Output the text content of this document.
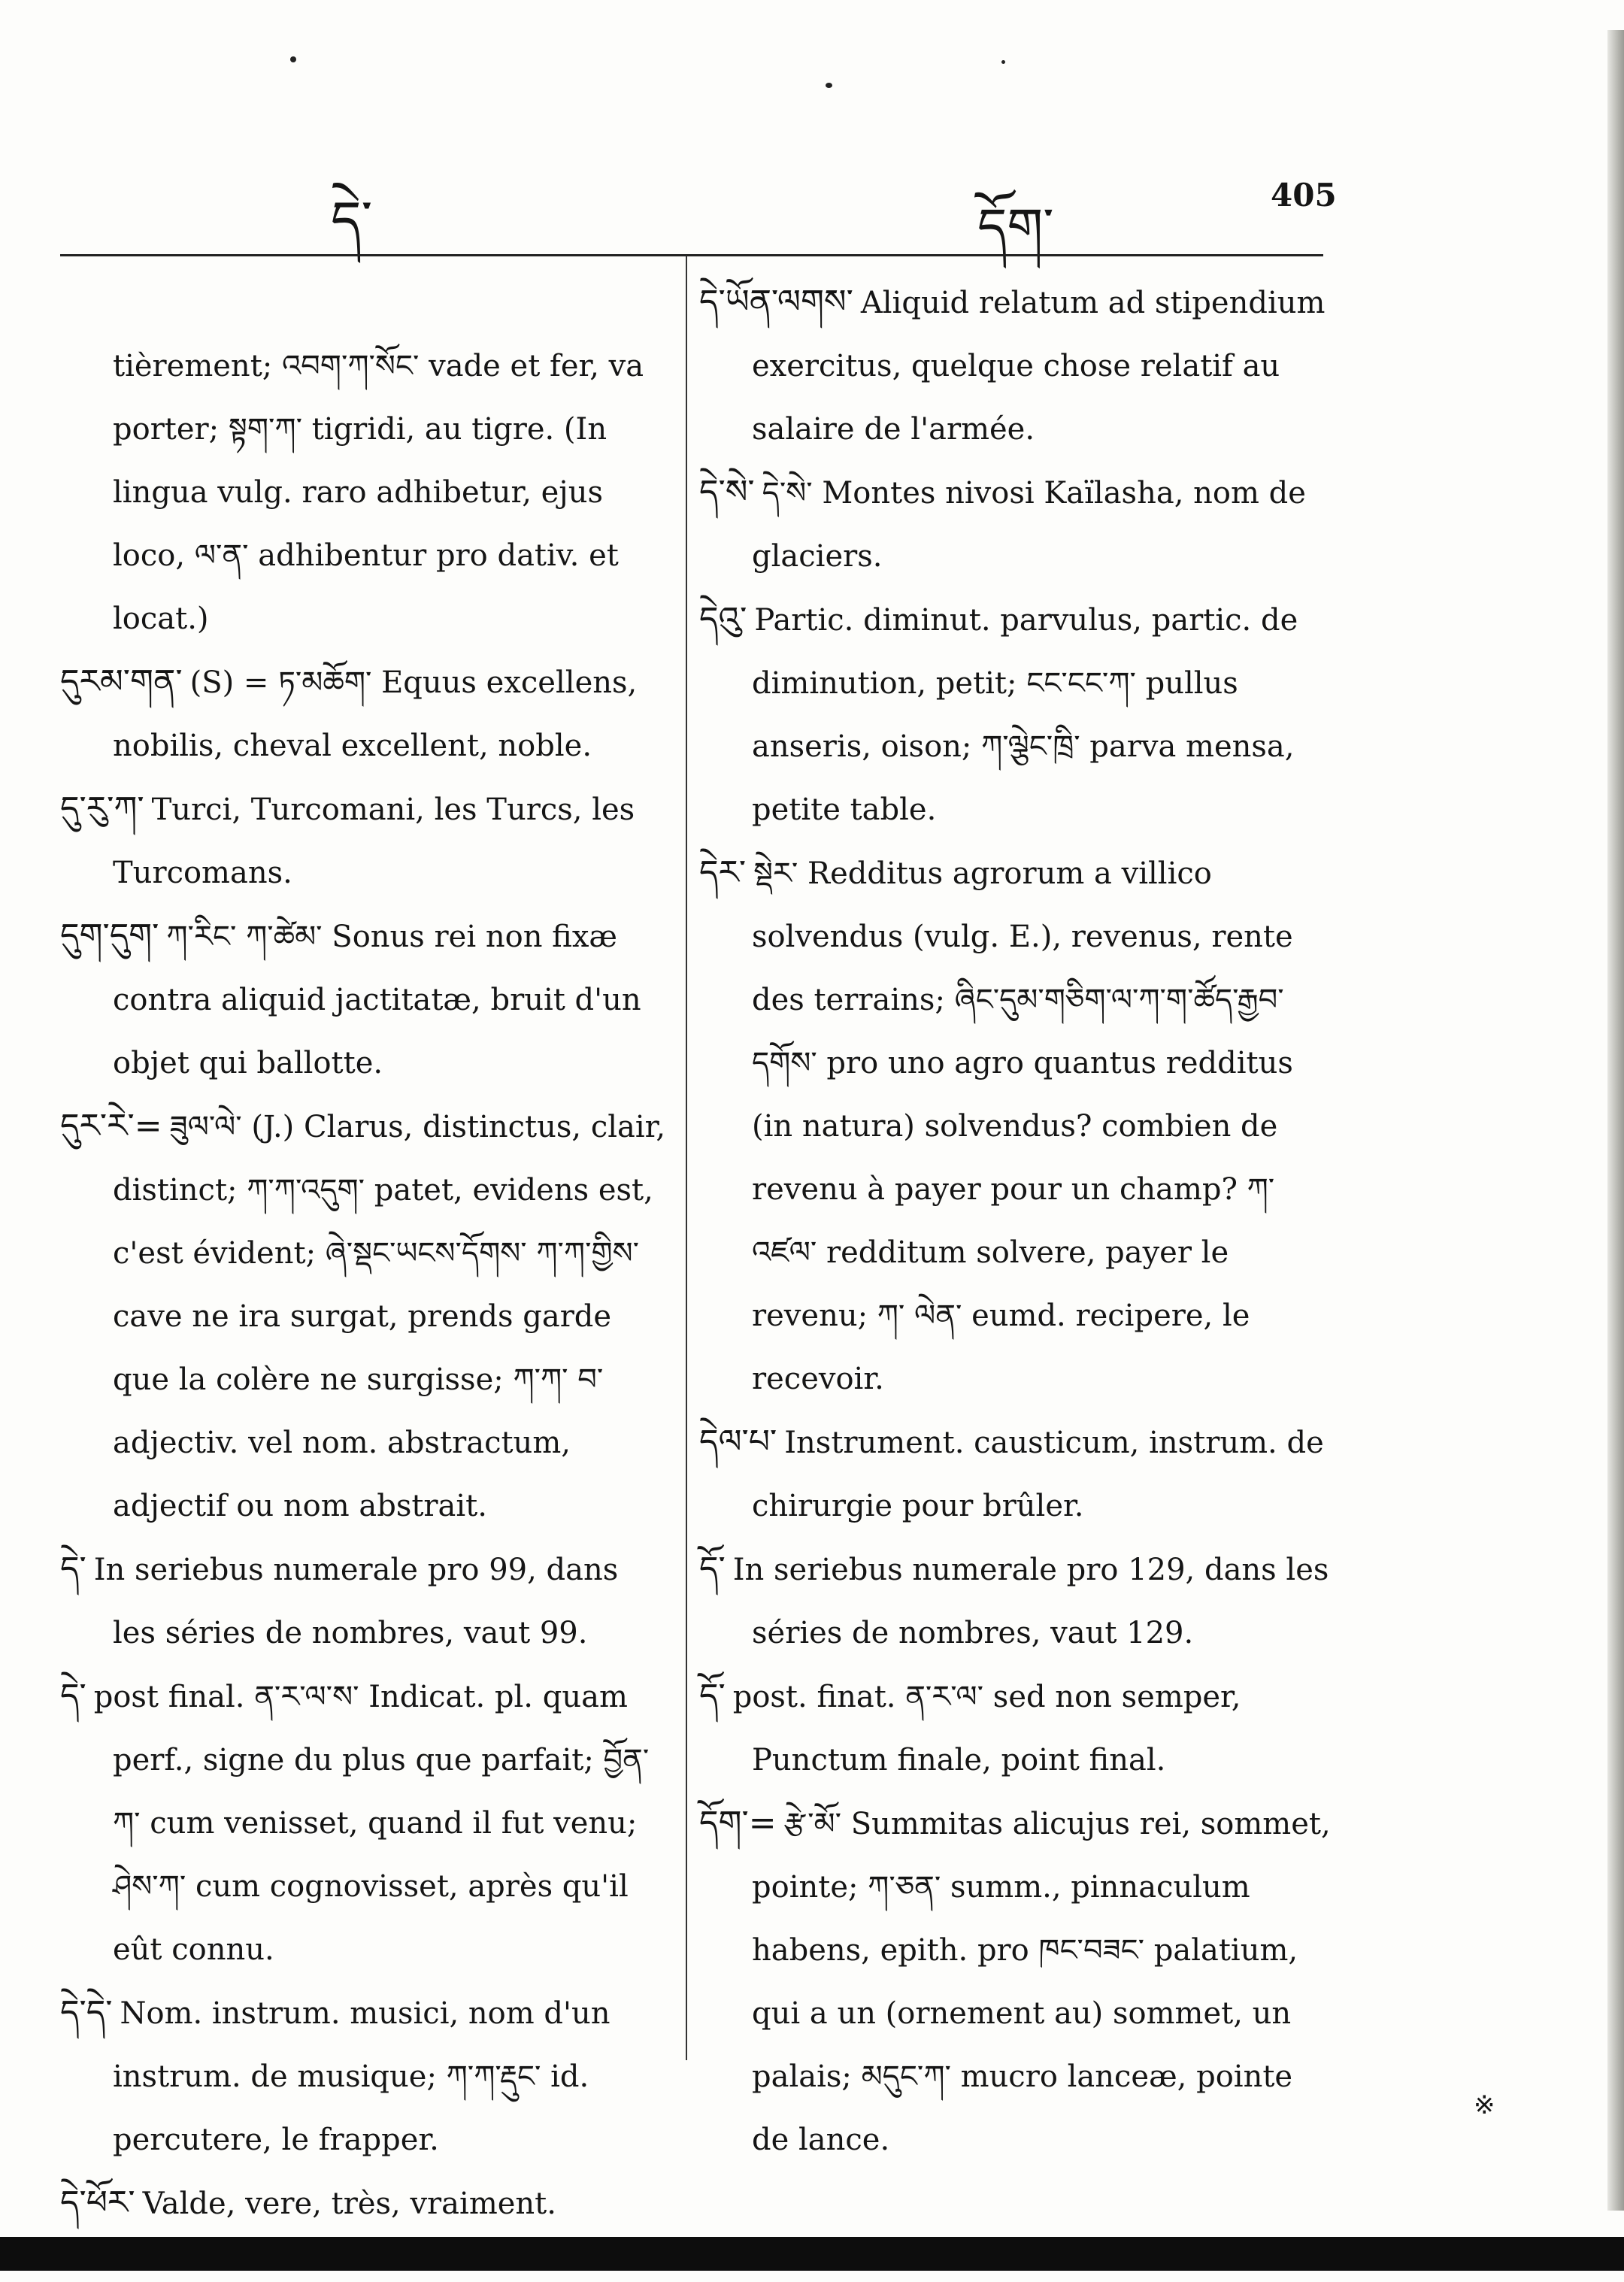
དེ་	དོག་
405
tièrement; འབག་ཀ་སོང་ vade et fer, va porter; སྟག་ཀ་ tigridi, au tigre. (In lingua vulg. raro adhibetur, ejus loco, ལ་ན་ adhibentur pro dativ. et locat.)
དུརམ་གན་ (S) = ཏ་མཆོག་ Equus excellens, nobilis, cheval excellent, noble.
དུ་རུ་ཀ་ Turci, Turcomani, les Turcs, les Turcomans.
དུག་དུག་ ཀ་རིང་ ཀ་ཚེམ་ Sonus rei non fixæ contra aliquid jactitatæ, bruit d'un objet qui ballotte.
དུར་རེ་= ཟུལ་ལེ་ (J.) Clarus, distinctus, clair, distinct; ཀ་ཀ་འདུག་ patet, evidens est, c'est évident; ཞེ་སྡང་ཡངས་དོགས་ ཀ་ཀ་གྱིས་ cave ne ira surgat, prends garde que la colère ne surgisse; ཀ་ཀ་ བ་ adjectiv. vel nom. abstractum, adjectif ou nom abstrait.
དེ་ In seriebus numerale pro 99, dans les séries de nombres, vaut 99.
དེ་ post final. ན་ར་ལ་ས་ Indicat. pl. quam perf., signe du plus que parfait; བྱོན་ཀ་ cum venisset, quand il fut venu; ཤེས་ཀ་ cum cognovisset, après qu'il eût connu.
དེ་དེ་ Nom. instrum. musici, nom d'un instrum. de musique; ཀ་ཀ་རྡུང་ id. percutere, le frapper.
དེ་ཕོར་ Valde, vere, très, vraiment.
དེ་ཡོན་ལགས་ Aliquid relatum ad stipendium exercitus, quelque chose relatif au salaire de l'armée.
དེ་སེ་ དེ་སེ་ Montes nivosi Kaïlasha, nom de glaciers.
དེའུ་ Partic. diminut. parvulus, partic. de diminution, petit; ངང་ངང་ཀ་ pullus anseris, oison; ཀ་ལྕེང་ཁྲི་ parva mensa, petite table.
དེར་ སྡེར་ Redditus agrorum a villico solvendus (vulg. E.), revenus, rente des terrains; ཞིང་དུམ་གཅིག་ལ་ཀ་ག་ཚོད་རྒྱབ་ དགོས་ pro uno agro quantus redditus (in natura) solvendus? combien de revenu à payer pour un champ? ཀ་འཛལ་ redditum solvere, payer le revenu; ཀ་ ལེན་ eumd. recipere, le recevoir.
དེལ་པ་ Instrument. causticum, instrum. de chirurgie pour brûler.
དོ་ In seriebus numerale pro 129, dans les séries de nombres, vaut 129.
དོ་ post. finat. ན་ར་ལ་ sed non semper, Punctum finale, point final.
དོག་= རྩེ་མོ་ Summitas alicujus rei, sommet, pointe; ཀ་ཅན་ summ., pinnaculum habens, epith. pro ཁང་བཟང་ palatium, qui a un (ornement au) sommet, un palais; མདུང་ཀ་ mucro lanceæ, pointe de lance.
※
